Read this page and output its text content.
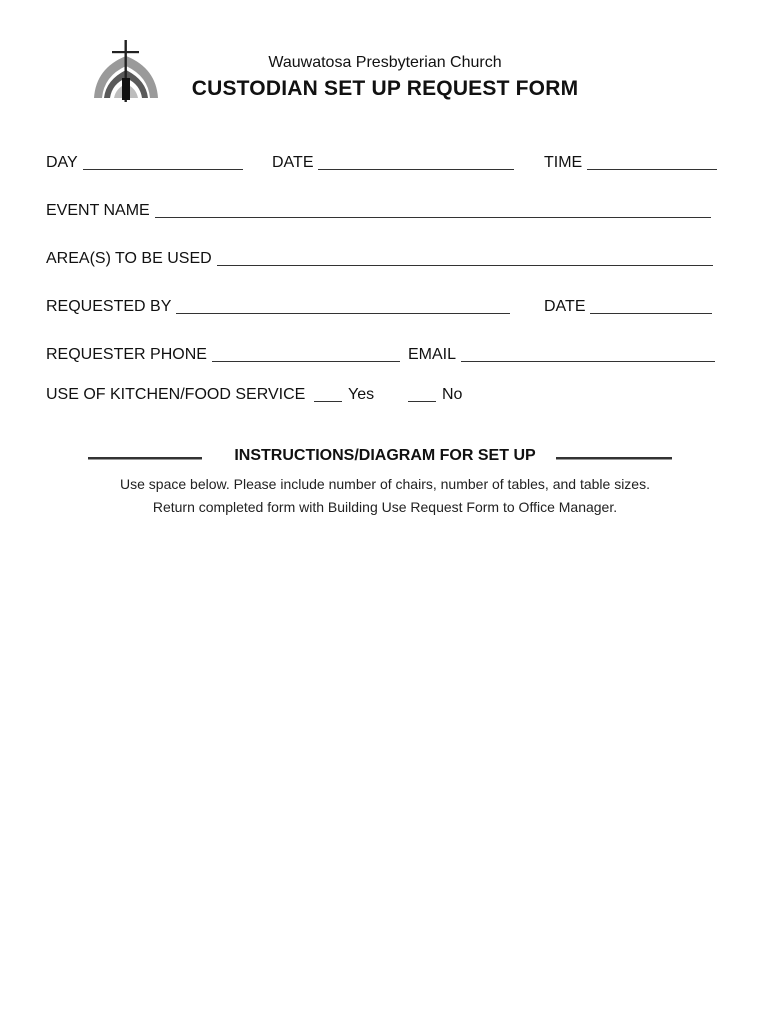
Wauwatosa Presbyterian Church
CUSTODIAN SET UP REQUEST FORM
DAY	DATE	TIME
EVENT NAME
AREA(S) TO BE USED
REQUESTED BY	DATE
REQUESTER PHONE	EMAIL
USE OF KITCHEN/FOOD SERVICE	Yes	No
INSTRUCTIONS/DIAGRAM FOR SET UP
Use space below. Please include number of chairs, number of tables, and table sizes.
Return completed form with Building Use Request Form to Office Manager.
